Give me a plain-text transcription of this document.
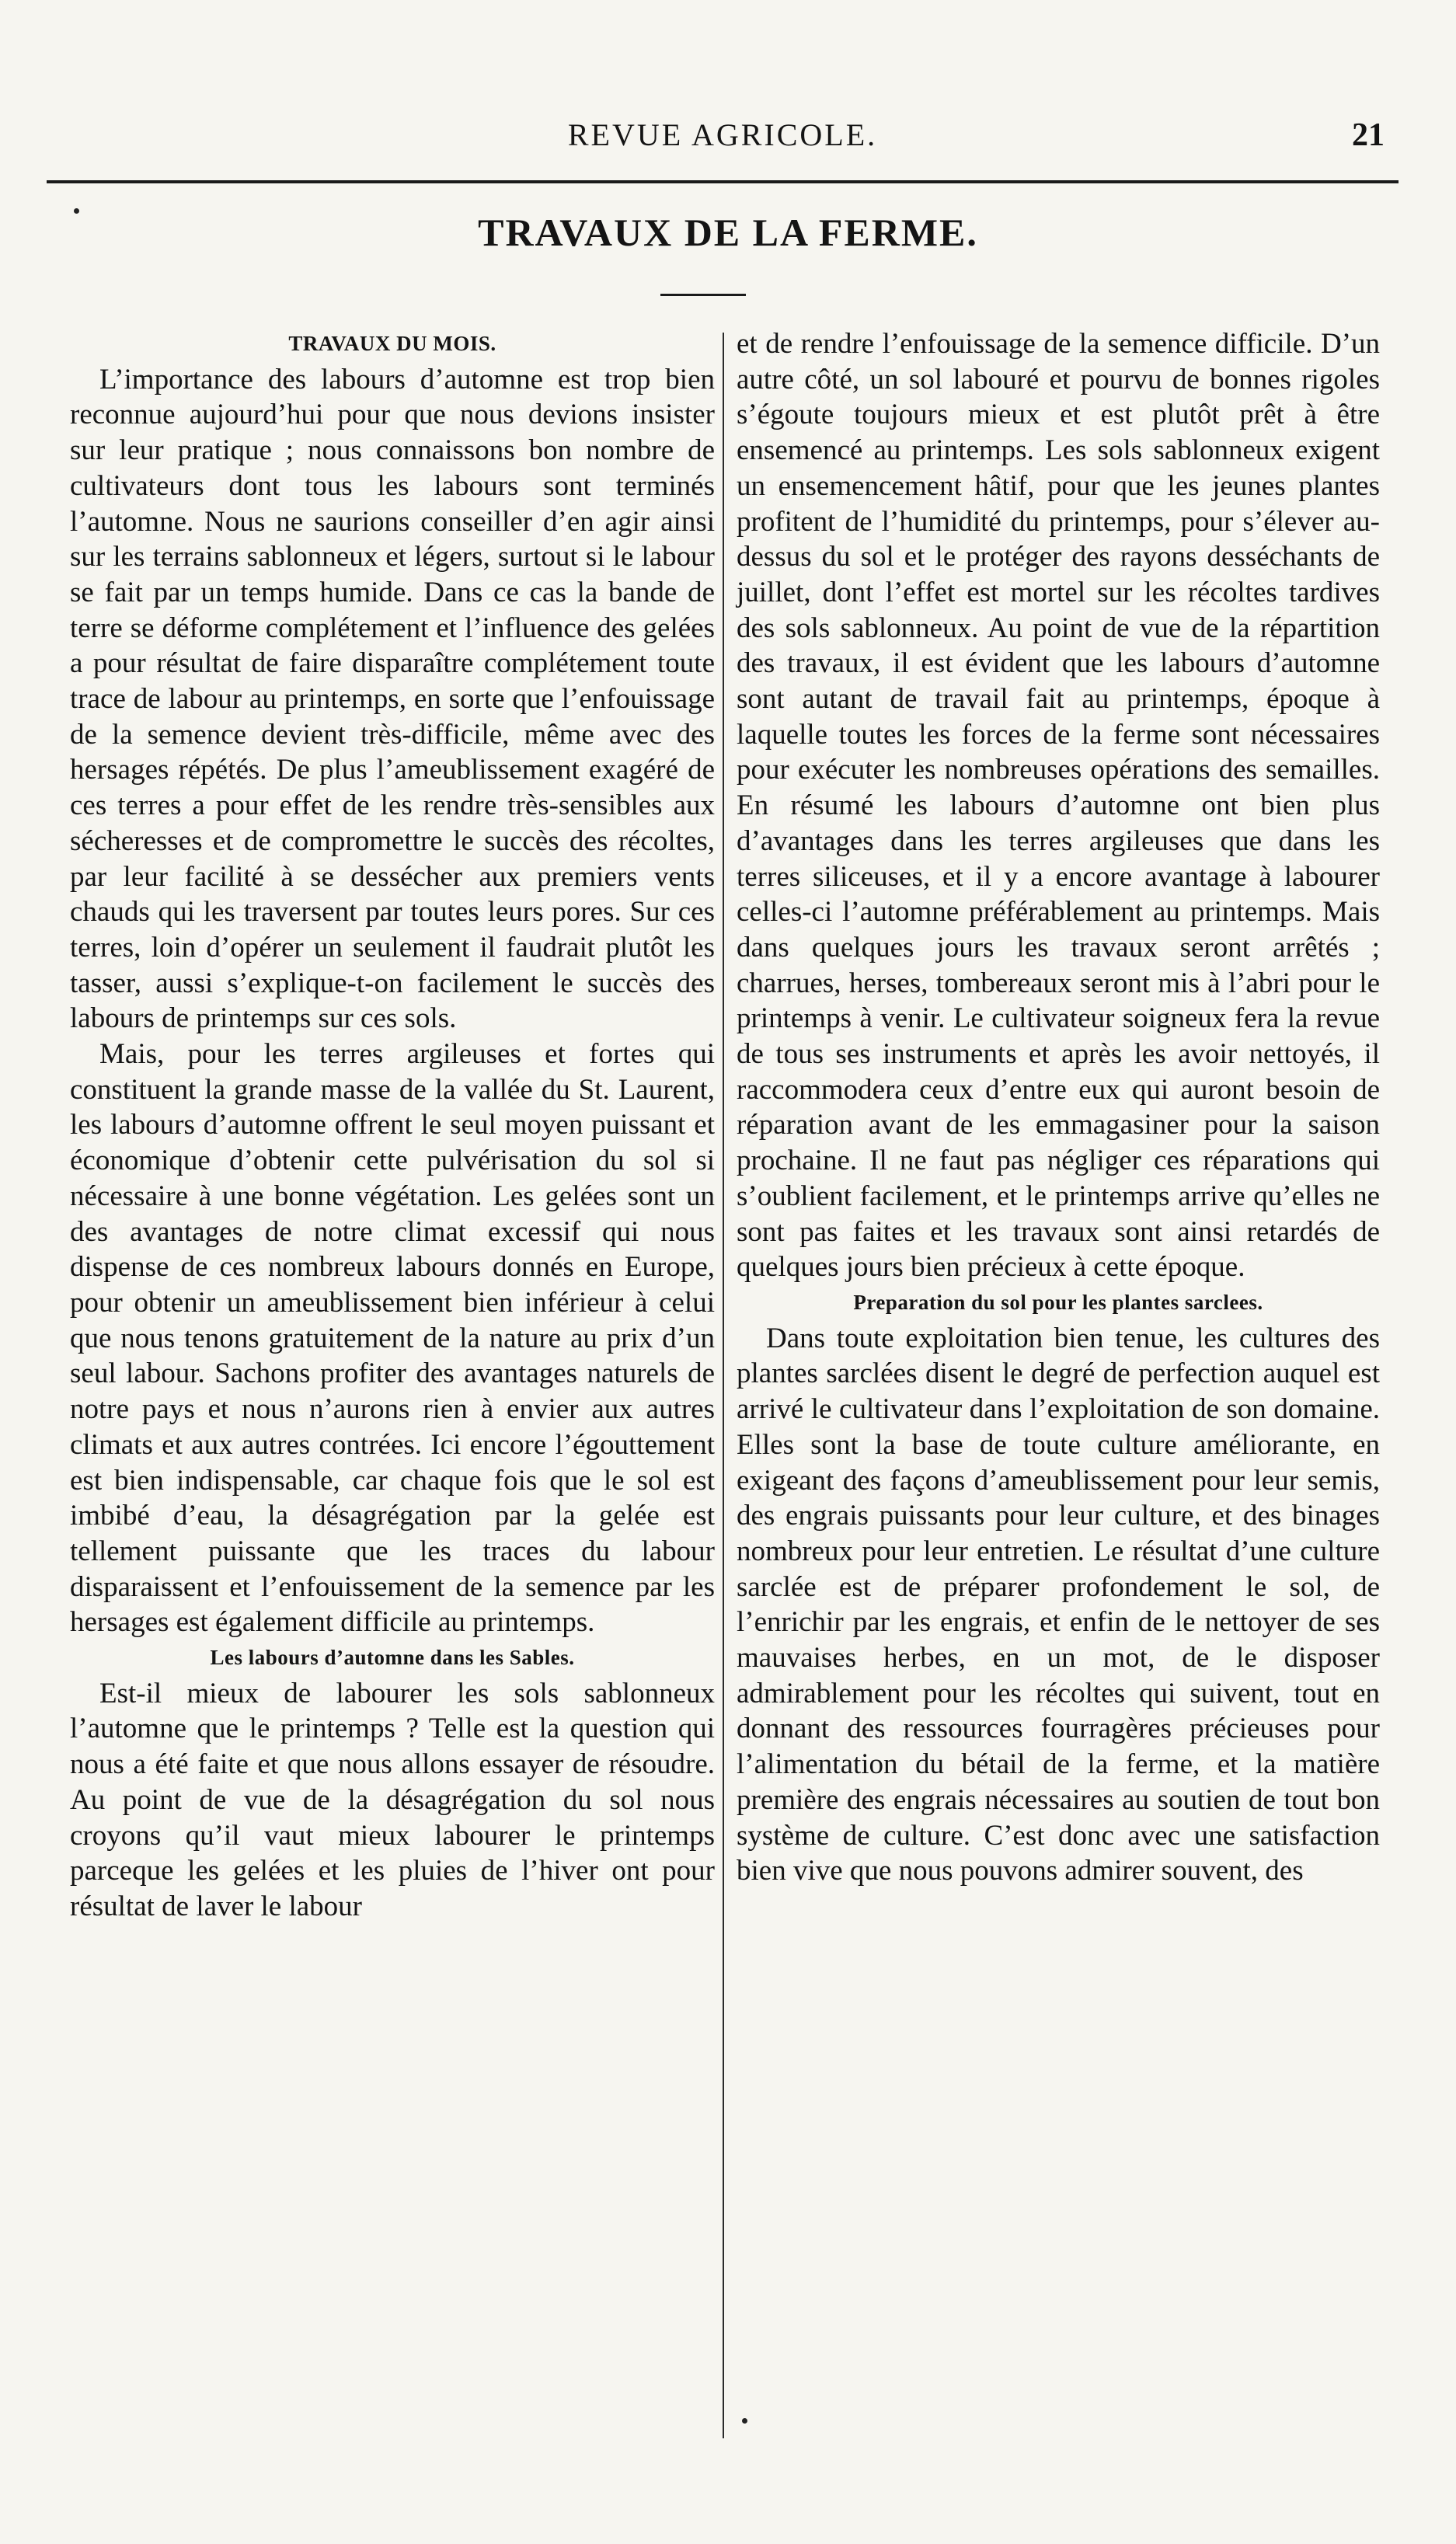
REVUE AGRICOLE.	21
TRAVAUX DE LA FERME.
TRAVAUX DU MOIS.

L’importance des labours d’automne est trop bien reconnue aujourd’hui pour que nous devions insister sur leur pratique ; nous connaissons bon nombre de cultivateurs dont tous les labours sont terminés l’automne. Nous ne saurions conseiller d’en agir ainsi sur les terrains sablonneux et légers, surtout si le labour se fait par un temps humide. Dans ce cas la bande de terre se déforme complétement et l’influence des gelées a pour résultat de faire disparaître complétement toute trace de labour au printemps, en sorte que l’enfouissage de la semence devient très-difficile, même avec des hersages répétés. De plus l’ameublissement exagéré de ces terres a pour effet de les rendre très-sensibles aux sécheresses et de compromettre le succès des récoltes, par leur facilité à se dessécher aux premiers vents chauds qui les traversent par toutes leurs pores. Sur ces terres, loin d’opérer un seulement il faudrait plutôt les tasser, aussi s’explique-t-on facilement le succès des labours de printemps sur ces sols.

Mais, pour les terres argileuses et fortes qui constituent la grande masse de la vallée du St. Laurent, les labours d’automne offrent le seul moyen puissant et économique d’obtenir cette pulvérisation du sol si nécessaire à une bonne végétation. Les gelées sont un des avantages de notre climat excessif qui nous dispense de ces nombreux labours donnés en Europe, pour obtenir un ameublissement bien inférieur à celui que nous tenons gratuitement de la nature au prix d’un seul labour. Sachons profiter des avantages naturels de notre pays et nous n’aurons rien à envier aux autres climats et aux autres contrées. Ici encore l’égouttement est bien indispensable, car chaque fois que le sol est imbibé d’eau, la désagrégation par la gelée est tellement puissante que les traces du labour disparaissent et l’enfouissement de la semence par les hersages est également difficile au printemps.

Les labours d’automne dans les Sables.

Est-il mieux de labourer les sols sablonneux l’automne que le printemps ? Telle est la question qui nous a été faite et que nous allons essayer de résoudre. Au point de vue de la désagrégation du sol nous croyons qu’il vaut mieux labourer le printemps parceque les gelées et les pluies de l’hiver ont pour résultat de laver le labour

et de rendre l’enfouissage de la semence difficile. D’un autre côté, un sol labouré et pourvu de bonnes rigoles s’égoute toujours mieux et est plutôt prêt à être ensemencé au printemps. Les sols sablonneux exigent un ensemencement hâtif, pour que les jeunes plantes profitent de l’humidité du printemps, pour s’élever au-dessus du sol et le protéger des rayons desséchants de juillet, dont l’effet est mortel sur les récoltes tardives des sols sablonneux. Au point de vue de la répartition des travaux, il est évident que les labours d’automne sont autant de travail fait au printemps, époque à laquelle toutes les forces de la ferme sont nécessaires pour exécuter les nombreuses opérations des semailles. En résumé les labours d’automne ont bien plus d’avantages dans les terres argileuses que dans les terres siliceuses, et il y a encore avantage à labourer celles-ci l’automne préférablement au printemps. Mais dans quelques jours les travaux seront arrêtés ; charrues, herses, tombereaux seront mis à l’abri pour le printemps à venir. Le cultivateur soigneux fera la revue de tous ses instruments et après les avoir nettoyés, il raccommodera ceux d’entre eux qui auront besoin de réparation avant de les emmagasiner pour la saison prochaine. Il ne faut pas négliger ces réparations qui s’oublient facilement, et le printemps arrive qu’elles ne sont pas faites et les travaux sont ainsi retardés de quelques jours bien précieux à cette époque.

Preparation du sol pour les plantes sarclees.

Dans toute exploitation bien tenue, les cultures des plantes sarclées disent le degré de perfection auquel est arrivé le cultivateur dans l’exploitation de son domaine. Elles sont la base de toute culture améliorante, en exigeant des façons d’ameublissement pour leur semis, des engrais puissants pour leur culture, et des binages nombreux pour leur entretien. Le résultat d’une culture sarclée est de préparer profondement le sol, de l’enrichir par les engrais, et enfin de le nettoyer de ses mauvaises herbes, en un mot, de le disposer admirablement pour les récoltes qui suivent, tout en donnant des ressources fourragères précieuses pour l’alimentation du bétail de la ferme, et la matière première des engrais nécessaires au soutien de tout bon système de culture. C’est donc avec une satisfaction bien vive que nous pouvons admirer souvent, des
